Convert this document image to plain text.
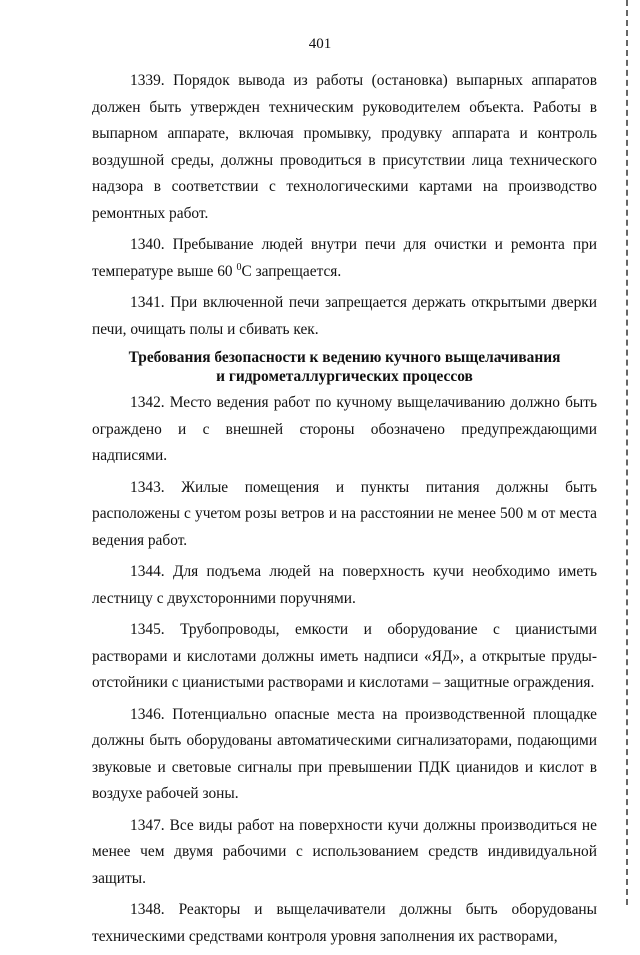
401

1339. Порядок вывода из работы (остановка) выпарных аппаратов должен быть утвержден техническим руководителем объекта. Работы в выпарном аппарате, включая промывку, продувку аппарата и контроль воздушной среды, должны проводиться в присутствии лица технического надзора в соответствии с технологическими картами на производство ремонтных работ.

1340. Пребывание людей внутри печи для очистки и ремонта при температуре выше 60 $^0$С запрещается.

1341. При включенной печи запрещается держать открытыми дверки печи, очищать полы и сбивать кек.

Требования безопасности к ведению кучного выщелачивания
и гидрометаллургических процессов

1342. Место ведения работ по кучному выщелачиванию должно быть ограждено и с внешней стороны обозначено предупреждающими надписями.

1343. Жилые помещения и пункты питания должны быть расположены с учетом розы ветров и на расстоянии не менее 500 м от места ведения работ.

1344. Для подъема людей на поверхность кучи необходимо иметь лестницу с двухсторонними поручнями.

1345. Трубопроводы, емкости и оборудование с цианистыми растворами и кислотами должны иметь надписи «ЯД», а открытые пруды-отстойники с цианистыми растворами и кислотами – защитные ограждения.

1346. Потенциально опасные места на производственной площадке должны быть оборудованы автоматическими сигнализаторами, подающими звуковые и световые сигналы при превышении ПДК цианидов и кислот в воздухе рабочей зоны.

1347. Все виды работ на поверхности кучи должны производиться не менее чем двумя рабочими с использованием средств индивидуальной защиты.

1348. Реакторы и выщелачиватели должны быть оборудованы техническими средствами контроля уровня заполнения их растворами,
